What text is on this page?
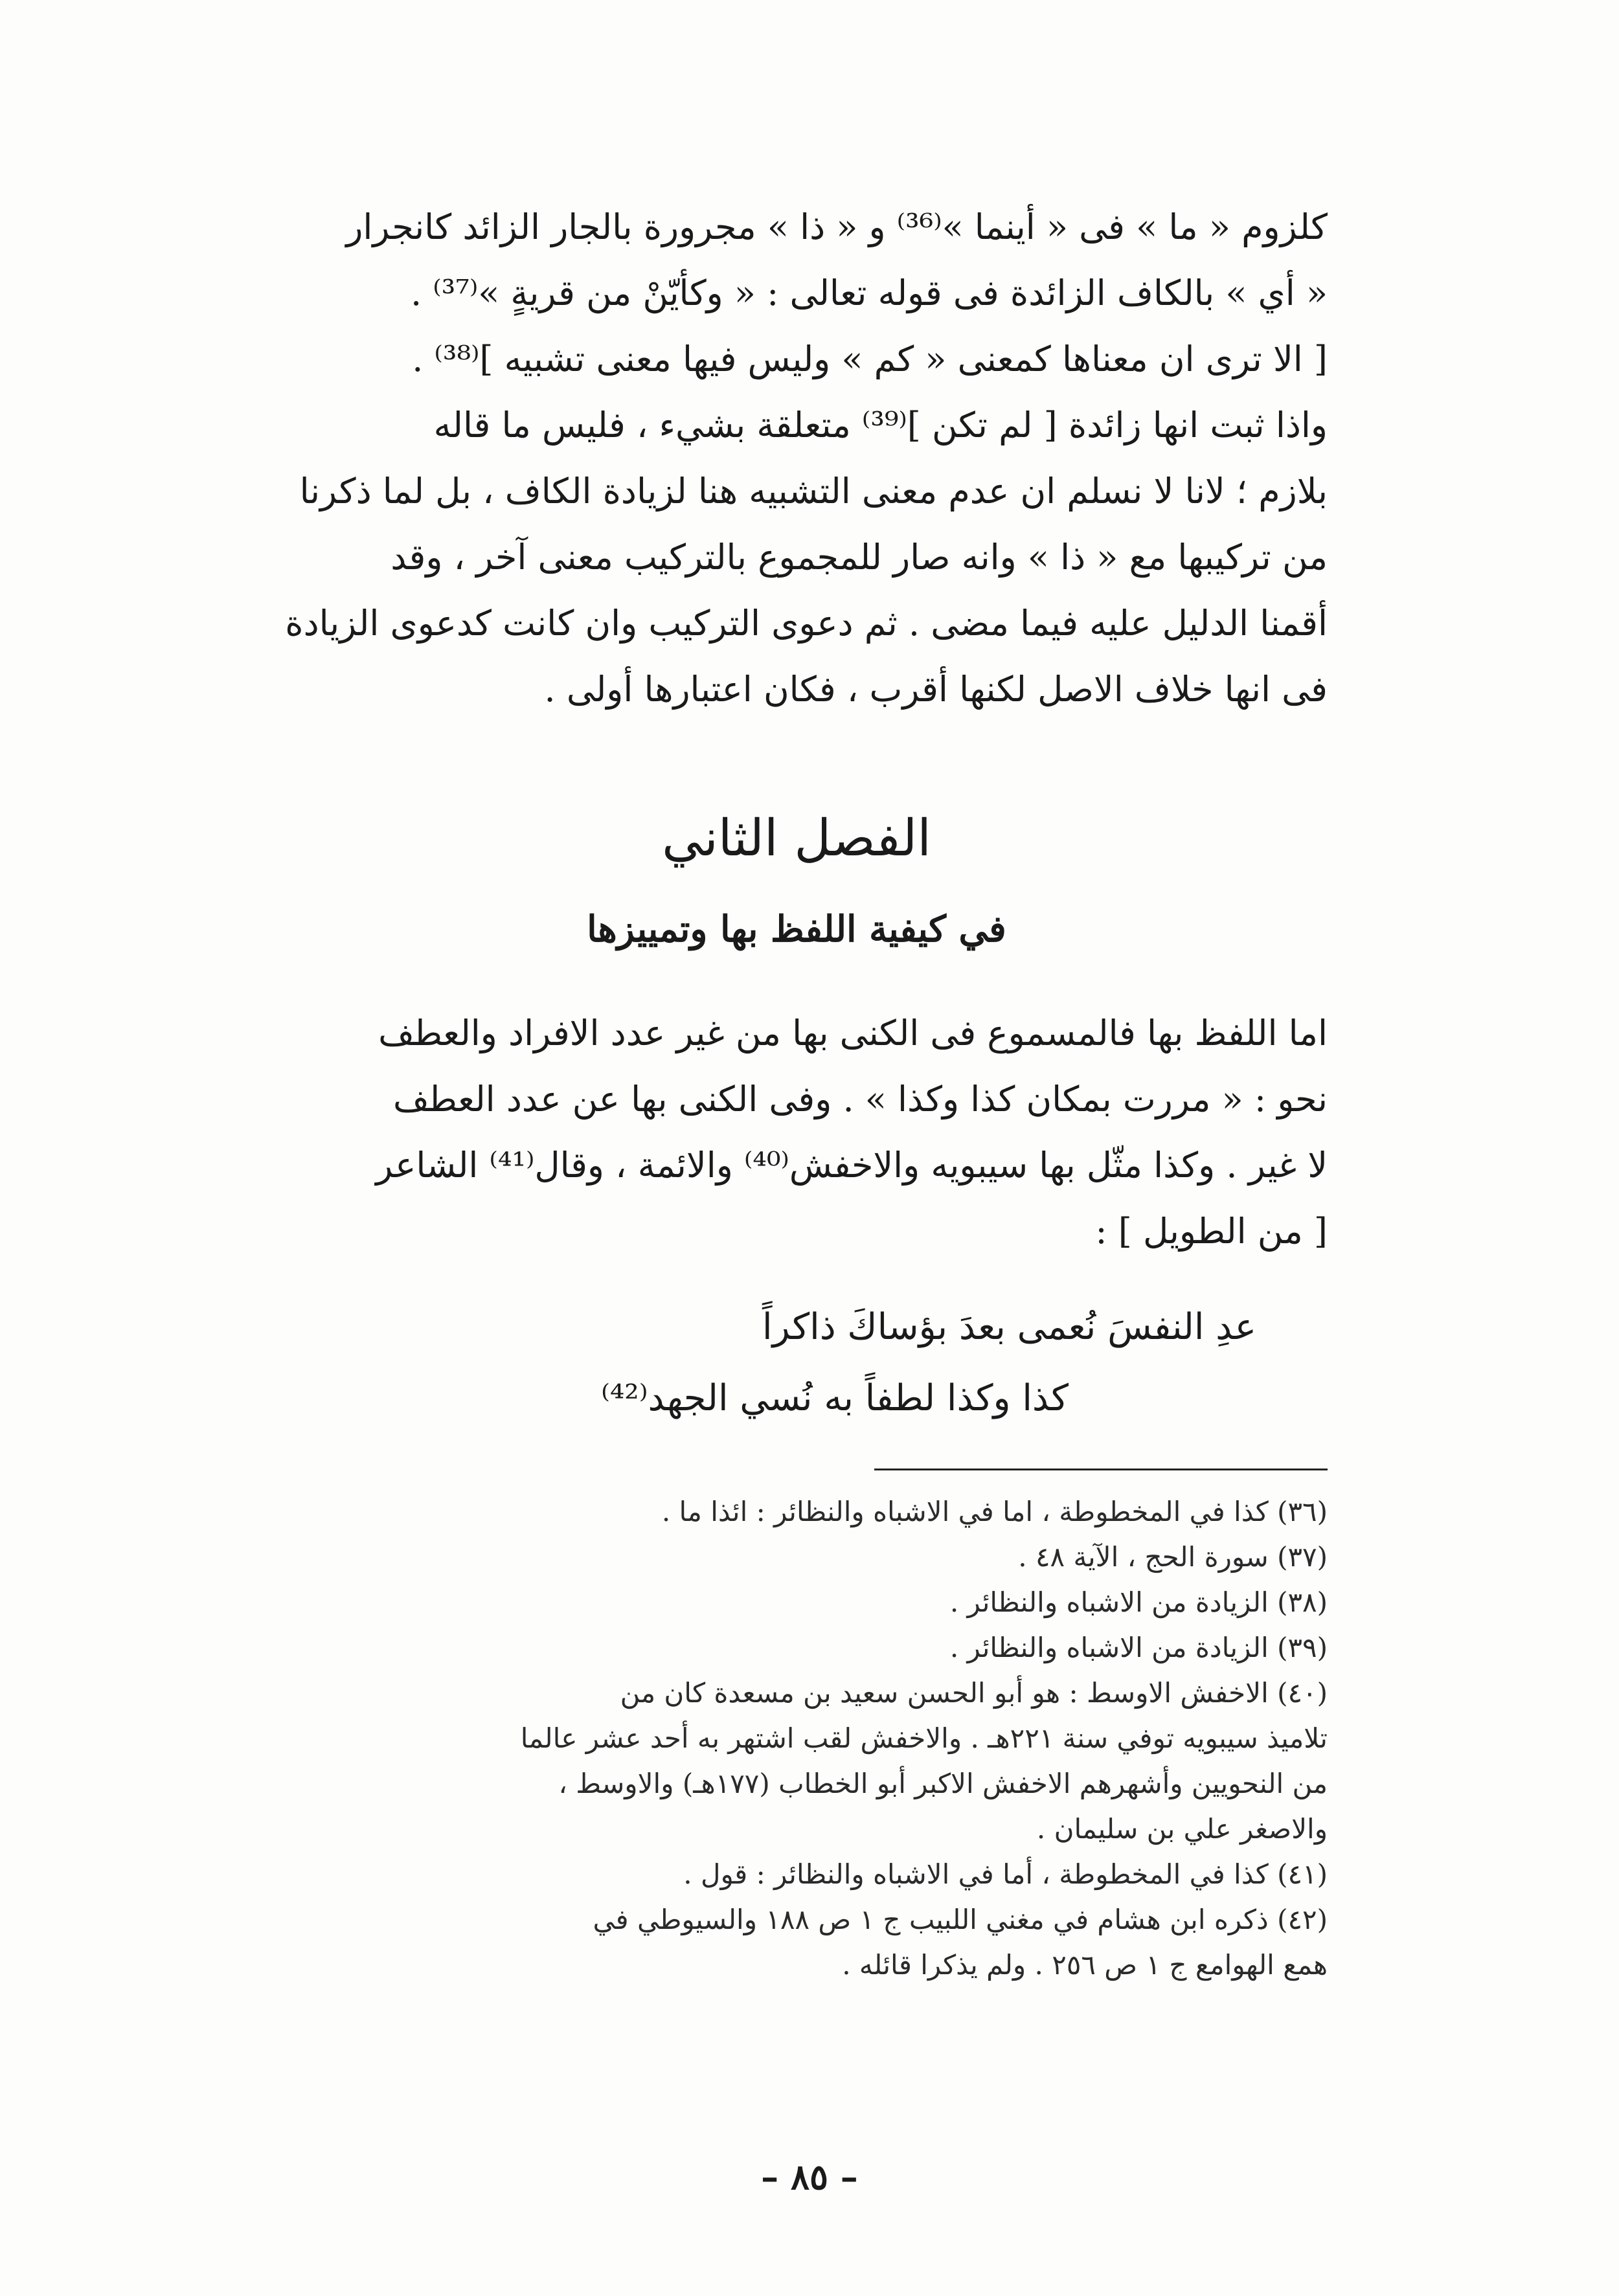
كلزوم « ما » فى « أينما »⁽³⁶⁾ و « ذا » مجرورة بالجار الزائد كانجرار
« أي » بالكاف الزائدة فى قوله تعالى : « وكأيّنْ من قريةٍ »⁽³⁷⁾ .
[ الا ترى ان معناها كمعنى « كم » وليس فيها معنى تشبيه ]⁽³⁸⁾ .
واذا ثبت انها زائدة [ لم تكن ]⁽³⁹⁾ متعلقة بشيء ، فليس ما قاله
بلازم ؛ لانا لا نسلم ان عدم معنى التشبيه هنا لزيادة الكاف ، بل لما ذكرنا
من تركيبها مع « ذا » وانه صار للمجموع بالتركيب معنى آخر ، وقد
أقمنا الدليل عليه فيما مضى . ثم دعوى التركيب وان كانت كدعوى الزيادة
فى انها خلاف الاصل لكنها أقرب ، فكان اعتبارها أولى .
الفصل الثاني
في كيفية اللفظ بها وتمييزها
اما اللفظ بها فالمسموع فى الكنى بها من غير عدد الافراد والعطف
نحو : « مررت بمكان كذا وكذا » . وفى الكنى بها عن عدد العطف
لا غير . وكذا مثّل بها سيبويه والاخفش⁽⁴⁰⁾ والائمة ، وقال⁽⁴¹⁾ الشاعر
[ من الطويل ] :
عدِ النفسَ نُعمى بعدَ بؤساكَ ذاكراً
كذا وكذا لطفاً به نُسي الجهد⁽⁴²⁾
(٣٦) كذا في المخطوطة ، اما في الاشباه والنظائر : ائذا ما .
(٣٧) سورة الحج ، الآية ٤٨ .
(٣٨) الزيادة من الاشباه والنظائر .
(٣٩) الزيادة من الاشباه والنظائر .
(٤٠) الاخفش الاوسط : هو أبو الحسن سعيد بن مسعدة كان من
تلاميذ سيبويه توفي سنة ٢٢١هـ . والاخفش لقب اشتهر به أحد عشر عالما
من النحويين وأشهرهم الاخفش الاكبر أبو الخطاب (١٧٧هـ) والاوسط ،
والاصغر علي بن سليمان .
(٤١) كذا في المخطوطة ، أما في الاشباه والنظائر : قول .
(٤٢) ذكره ابن هشام في مغني اللبيب ج ١ ص ١٨٨ والسيوطي في
همع الهوامع ج ١ ص ٢٥٦ . ولم يذكرا قائله .
– ٨٥ –
